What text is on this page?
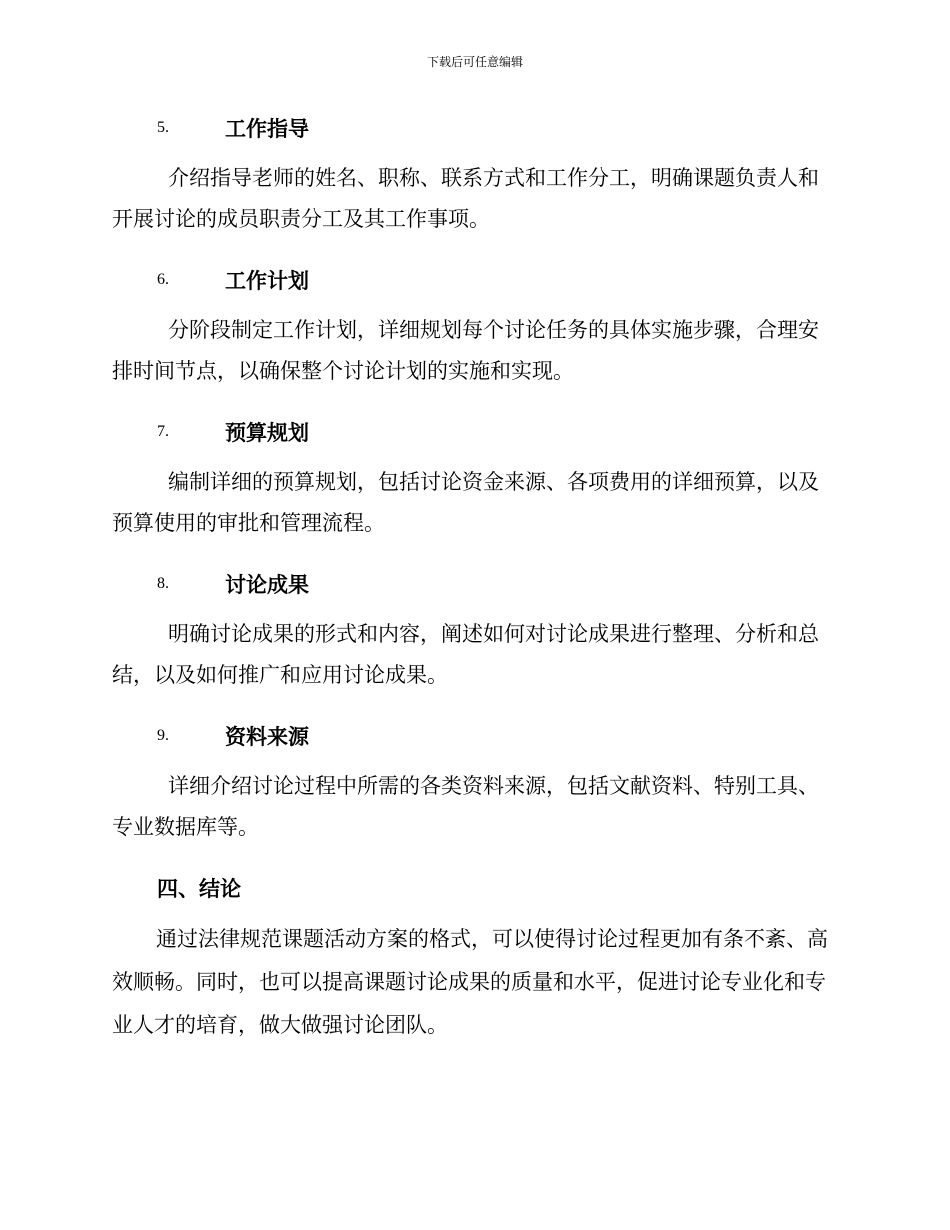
下载后可任意编辑
5.	工作指导

介绍指导老师的姓名、职称、联系方式和工作分工，明确课题负责人和开展讨论的成员职责分工及其工作事项。

6.	工作计划

分阶段制定工作计划，详细规划每个讨论任务的具体实施步骤，合理安排时间节点，以确保整个讨论计划的实施和实现。

7.	预算规划

编制详细的预算规划，包括讨论资金来源、各项费用的详细预算，以及预算使用的审批和管理流程。

8.	讨论成果

明确讨论成果的形式和内容，阐述如何对讨论成果进行整理、分析和总结，以及如何推广和应用讨论成果。

9.	资料来源

详细介绍讨论过程中所需的各类资料来源，包括文献资料、特别工具、专业数据库等。

四、结论

通过法律规范课题活动方案的格式，可以使得讨论过程更加有条不紊、高效顺畅。同时，也可以提高课题讨论成果的质量和水平，促进讨论专业化和专业人才的培育，做大做强讨论团队。
